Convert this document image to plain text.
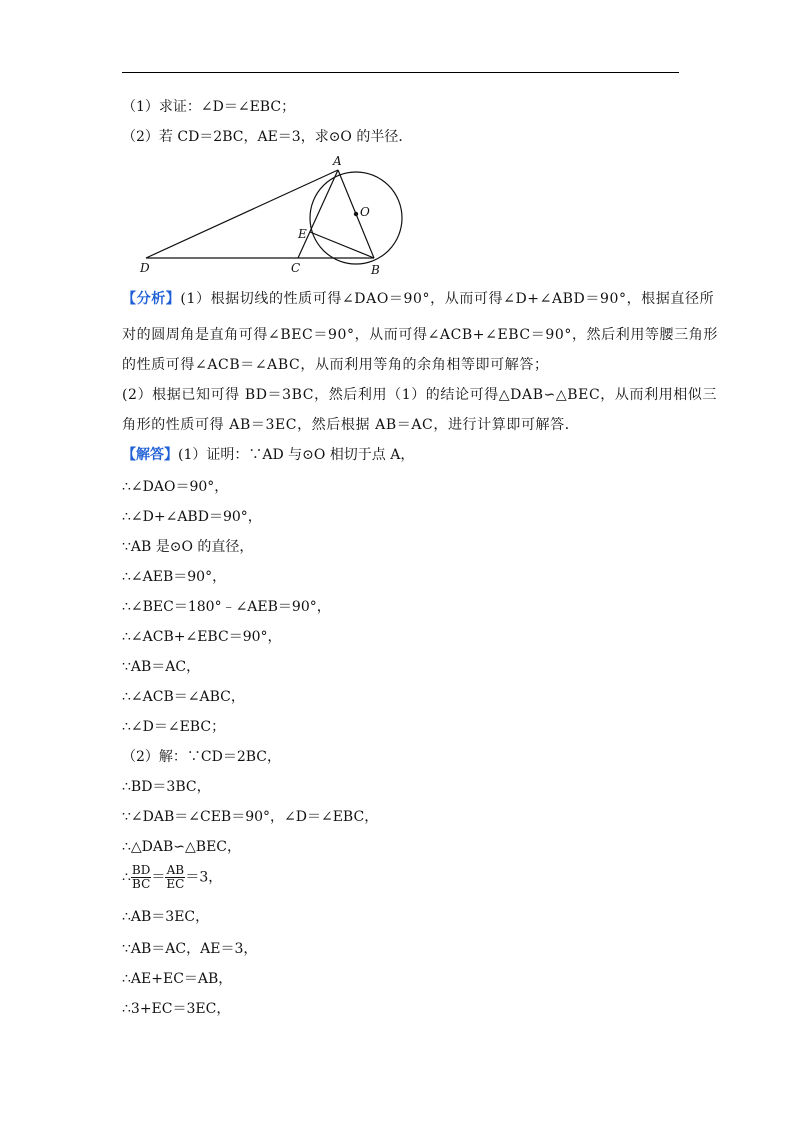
（1）求证：∠D＝∠EBC；
（2）若 CD＝2BC，AE＝3，求⊙O 的半径．
A
O
E
D	C	B
【分析】(1）根据切线的性质可得∠DAO＝90°，从而可得∠D+∠ABD＝90°，根据直径所
对的圆周角是直角可得∠BEC＝90°，从而可得∠ACB+∠EBC＝90°，然后利用等腰三角形
的性质可得∠ACB＝∠ABC，从而利用等角的余角相等即可解答；
(2）根据已知可得 BD＝3BC，然后利用（1）的结论可得△DAB∽△BEC，从而利用相似三
角形的性质可得 AB＝3EC，然后根据 AB＝AC，进行计算即可解答．
【解答】(1）证明：∵AD 与⊙O 相切于点 A，
∴∠DAO＝90°，
∴∠D+∠ABD＝90°，
∵AB 是⊙O 的直径，
∴∠AEB＝90°，
∴∠BEC＝180°﹣∠AEB＝90°，
∴∠ACB+∠EBC＝90°，
∵AB＝AC，
∴∠ACB＝∠ABC，
∴∠D＝∠EBC；
（2）解：∵CD＝2BC，
∴BD＝3BC，
∵∠DAB＝∠CEB＝90°，∠D＝∠EBC，
∴△DAB∽△BEC，
∴ $\frac{BD}{BC} = \frac{AB}{EC} =3$，
∴AB＝3EC，
∵AB＝AC，AE＝3，
∴AE+EC＝AB，
∴3+EC＝3EC，
